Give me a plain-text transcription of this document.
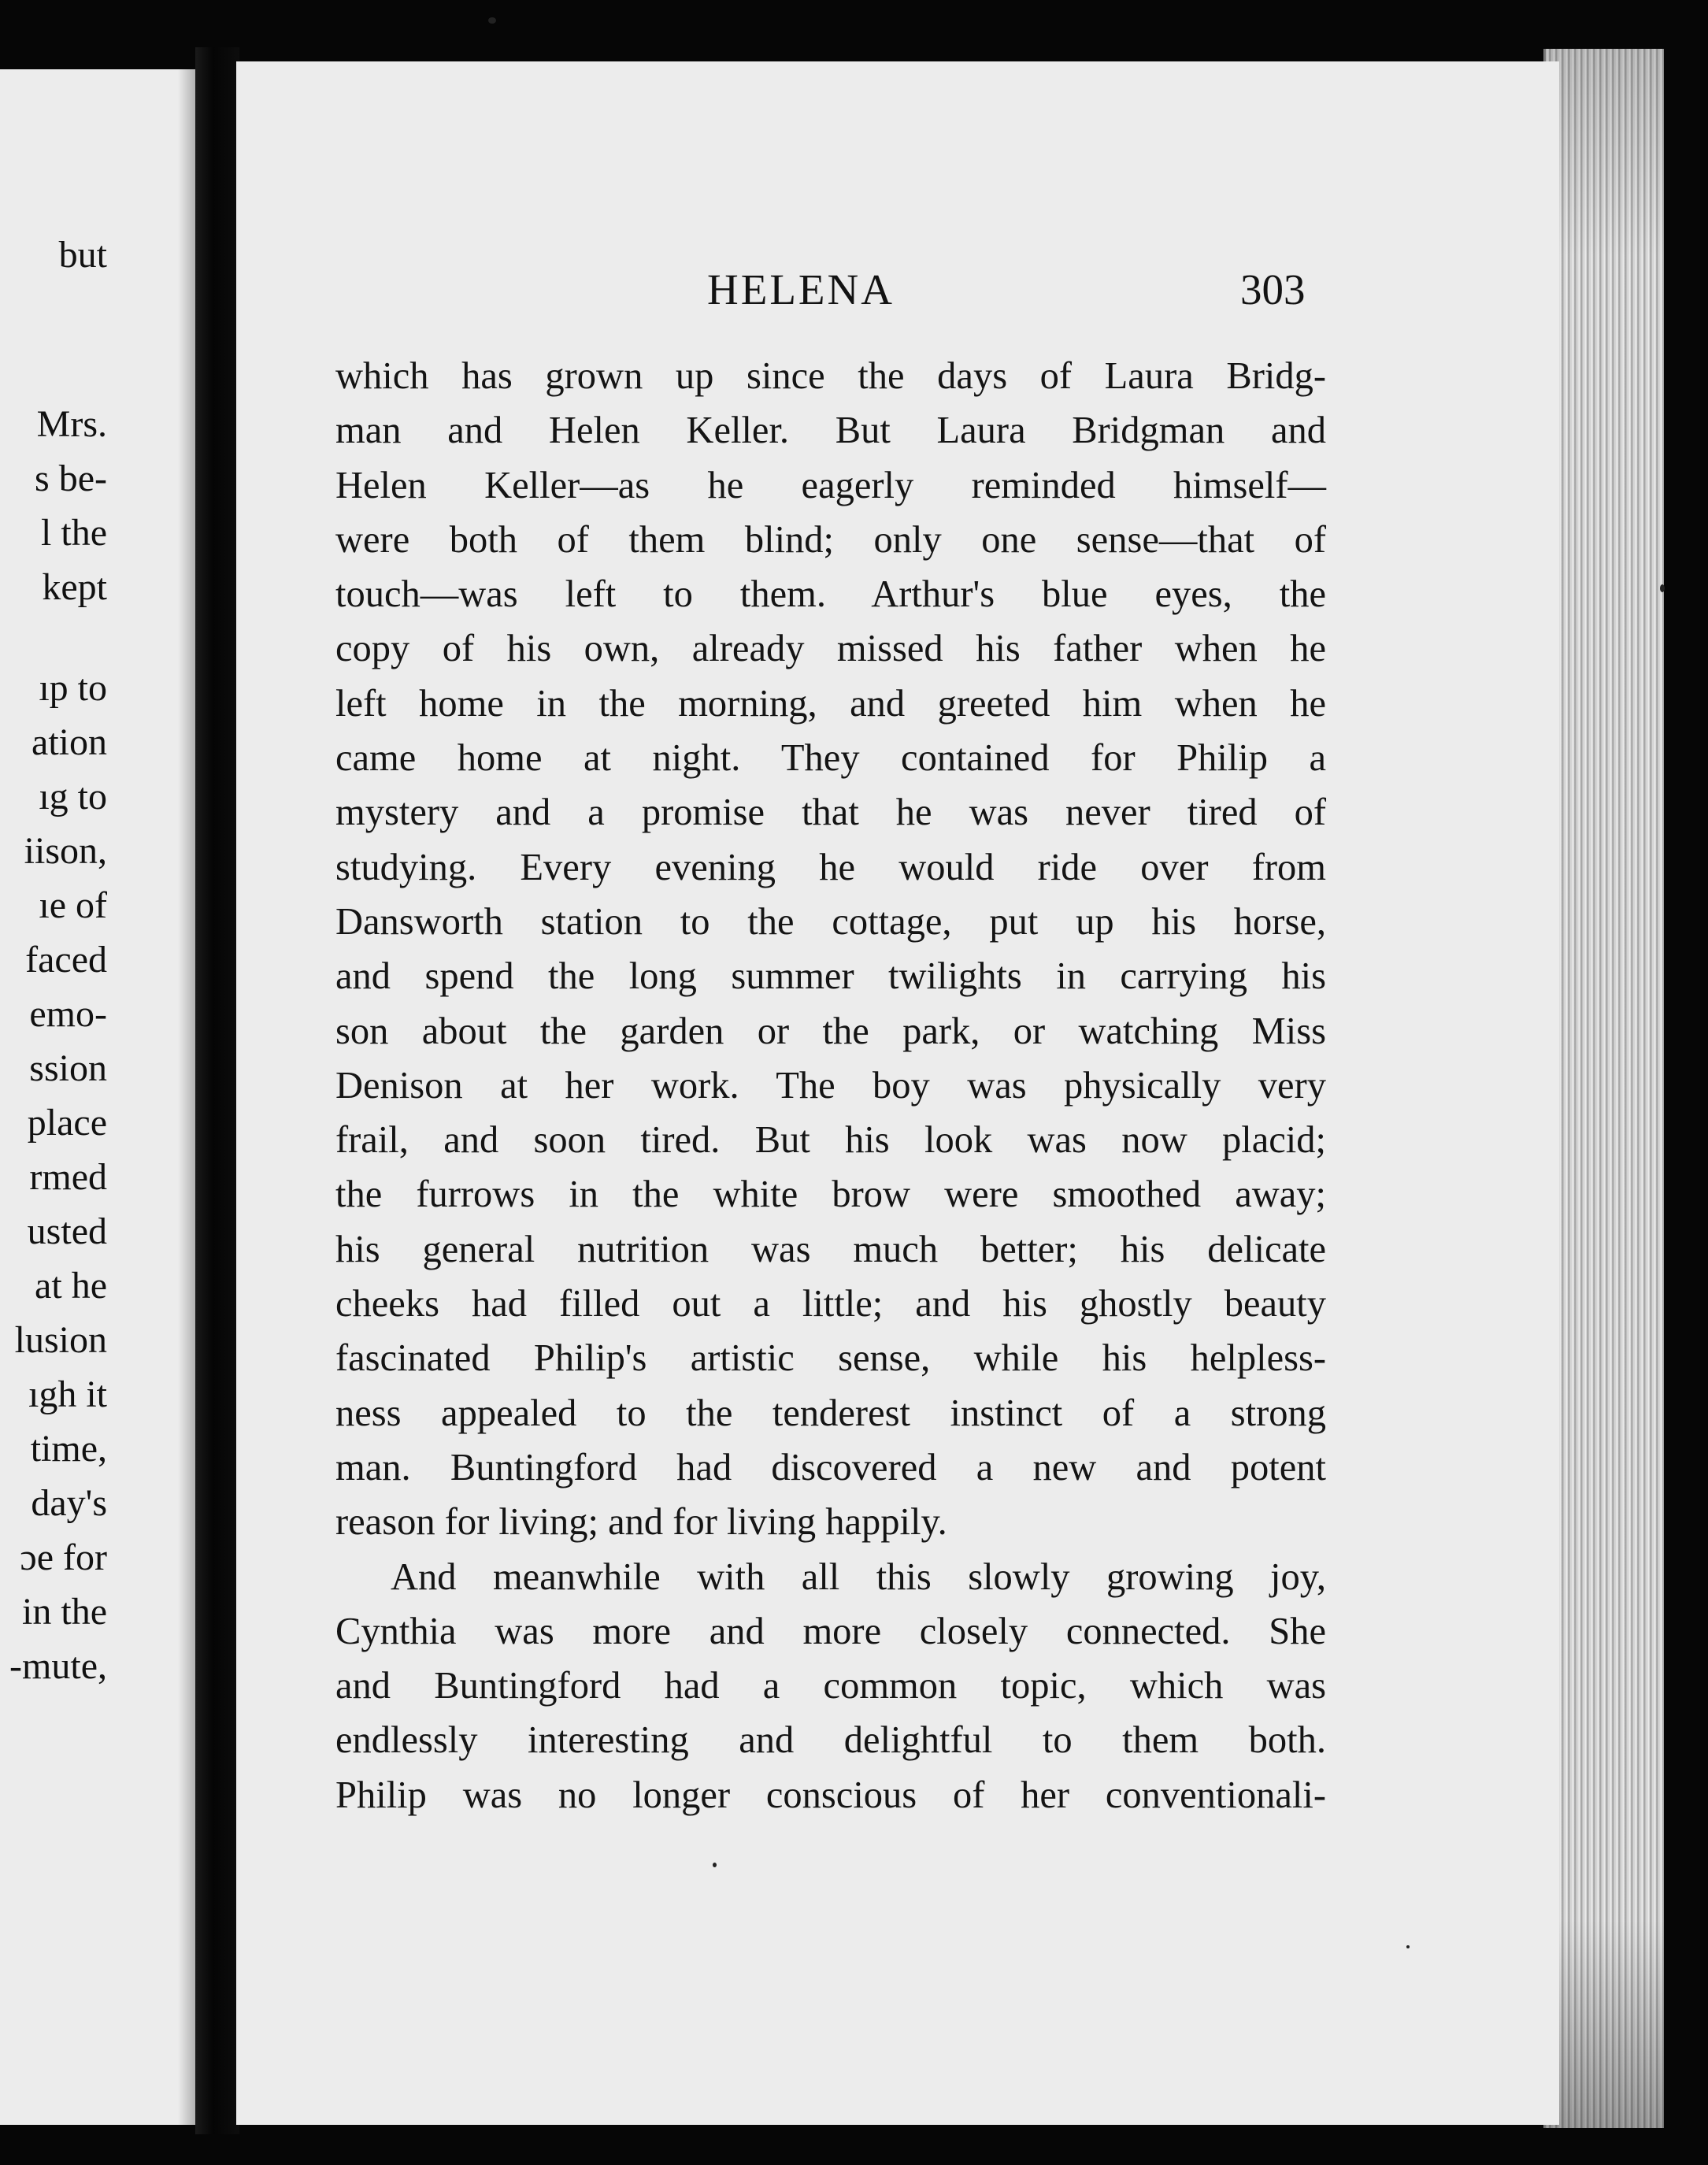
but
Mrs.
s be-
l the
kept
ıp to
ation
ıg to
iison,
ıe of
faced
emo-
ssion
place
rmed
usted
at he
lusion
ıgh it
time,
day's
ɔe for
in the
-mute,
HELENA	303
which has grown up since the days of Laura Bridg-
man and Helen Keller. But Laura Bridgman and
Helen Keller—as he eagerly reminded himself—
were both of them blind; only one sense—that of
touch—was left to them. Arthur's blue eyes, the
copy of his own, already missed his father when he
left home in the morning, and greeted him when he
came home at night. They contained for Philip a
mystery and a promise that he was never tired of
studying. Every evening he would ride over from
Dansworth station to the cottage, put up his horse,
and spend the long summer twilights in carrying his
son about the garden or the park, or watching Miss
Denison at her work. The boy was physically very
frail, and soon tired. But his look was now placid;
the furrows in the white brow were smoothed away;
his general nutrition was much better; his delicate
cheeks had filled out a little; and his ghostly beauty
fascinated Philip's artistic sense, while his helpless-
ness appealed to the tenderest instinct of a strong
man. Buntingford had discovered a new and potent
reason for living; and for living happily.
And meanwhile with all this slowly growing joy,
Cynthia was more and more closely connected. She
and Buntingford had a common topic, which was
endlessly interesting and delightful to them both.
Philip was no longer conscious of her conventionali-
